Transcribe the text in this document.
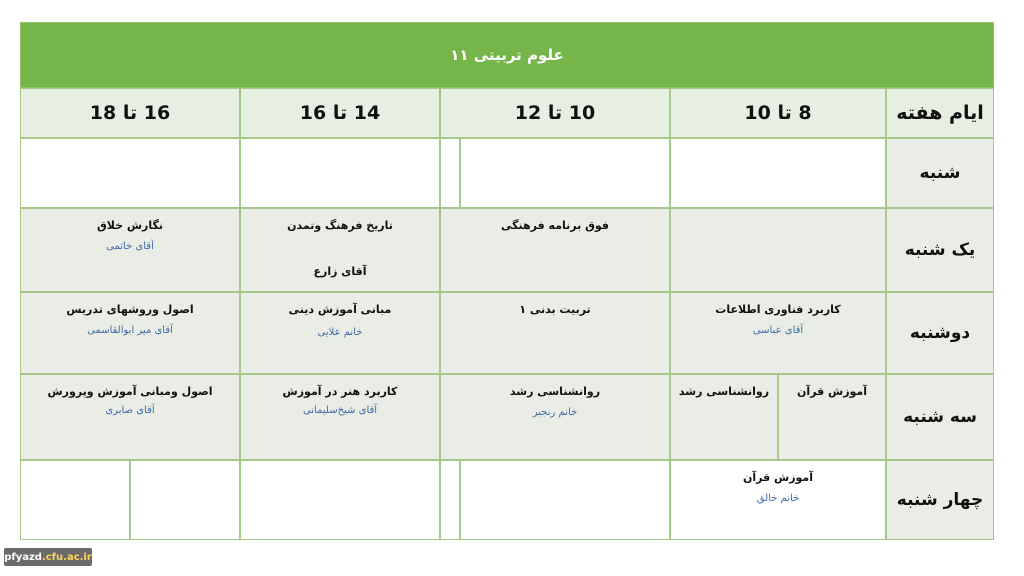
علوم تربیتی ۱۱
ایام هفته
8 تا 10
10 تا 12
14 تا 16
16 تا 18
شنبه
یک شنبه
فوق برنامه فرهنگی
تاریخ فرهنگ وتمدن
آقای زارع
نگارش خلاق
آقای خاتمی
دوشنبه
کاربرد فناوری اطلاعات
آقای عباسی
تربیت بدنی ۱
مبانی آموزش دینی
خانم علایی
اصول وروشهای تدریس
آقای میر ابوالقاسمی
سه شنبه
آموزش قرآن
روانشناسی رشد
روانشناسی رشد
خانم رنجبر
کاربرد هنر در آموزش
آقای شیخ‌سلیمانی
اصول ومبانی آموزش وپرورش
آقای صابری
چهار شنبه
آموزش قرآن
خانم خالق
pfyazd .cfu.ac.ir
